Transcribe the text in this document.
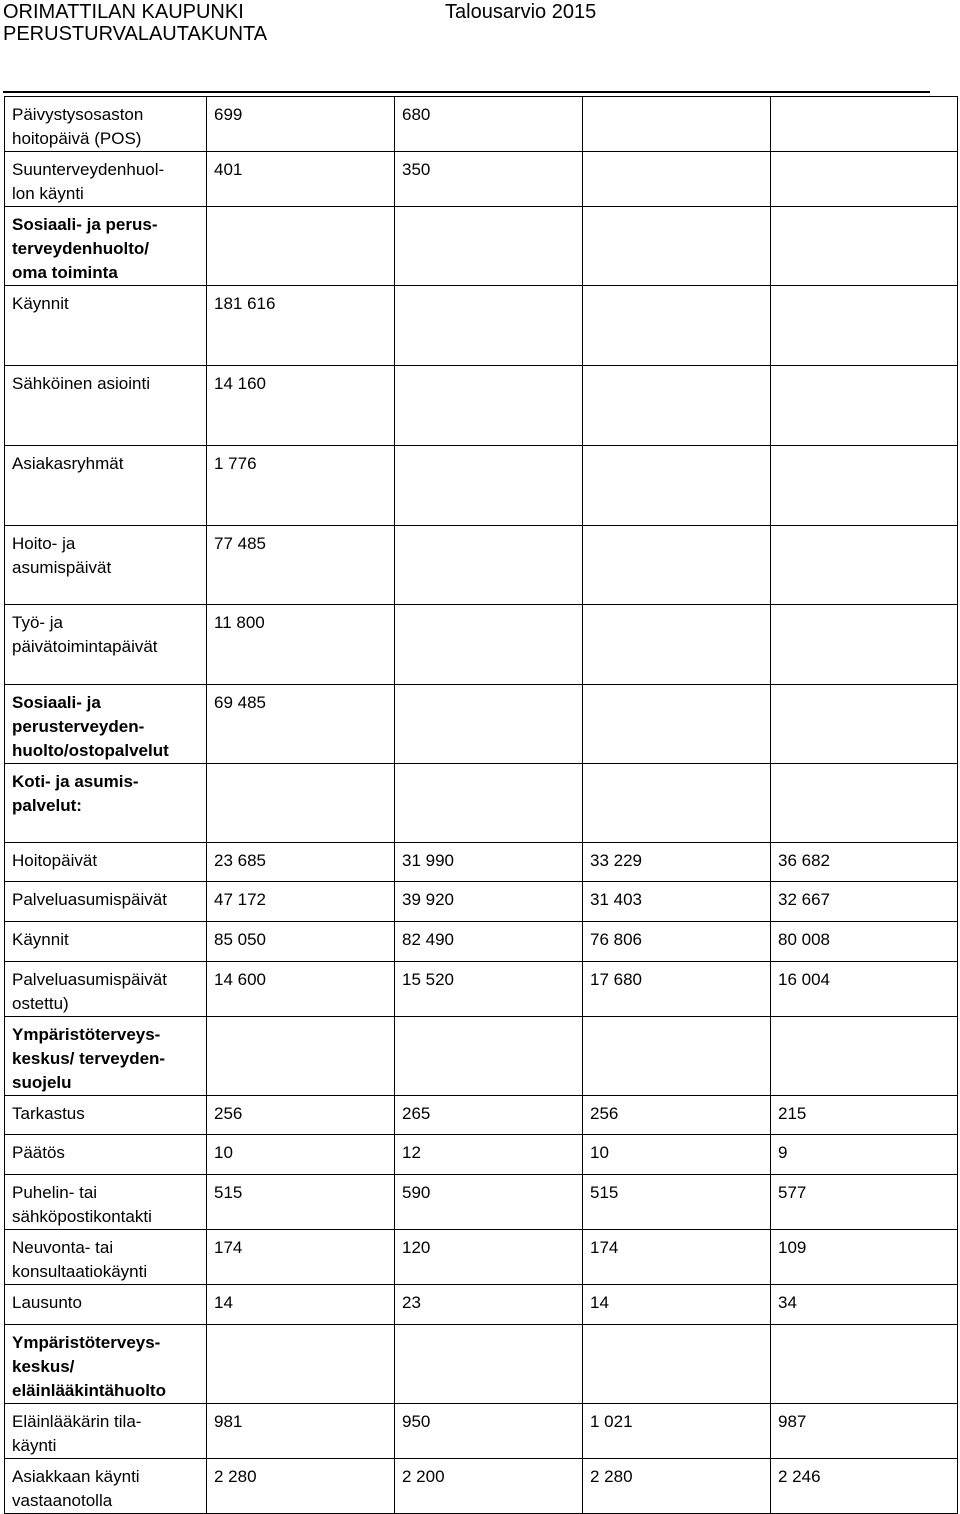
ORIMATTILAN KAUPUNKI
PERUSTURVALAUTAKUNTA
Talousarvio 2015
Päivystysosaston
hoitopäivä (POS)	699	680		

Suunterveydenhuol-
lon käynti	401	350		

Sosiaali- ja perus-
terveydenhuolto/
oma toiminta				

Käynnit	181 616			

Sähköinen asiointi	14 160			

Asiakasryhmät	1 776			

Hoito- ja
asumispäivät	77 485			

Työ- ja
päivätoimintapäivät	11 800			

Sosiaali- ja
perusterveyden-
huolto/ostopalvelut	69 485			

Koti- ja asumis-
palvelut:				

Hoitopäivät	23 685	31 990	33 229	36 682

Palveluasumispäivät	47 172	39 920	31 403	32 667

Käynnit	85 050	82 490	76 806	80 008

Palveluasumispäivät
ostettu)	14 600	15 520	17 680	16 004

Ympäristöterveys-
keskus/ terveyden-
suojelu				

Tarkastus	256	265	256	215

Päätös	10	12	10	9

Puhelin- tai
sähköpostikontakti	515	590	515	577

Neuvonta- tai
konsultaatiokäynti	174	120	174	109

Lausunto	14	23	14	34

Ympäristöterveys-
keskus/
eläinlääkintähuolto				

Eläinlääkärin tila-
käynti	981	950	1 021	987

Asiakkaan käynti
vastaanotolla	2 280	2 200	2 280	2 246
